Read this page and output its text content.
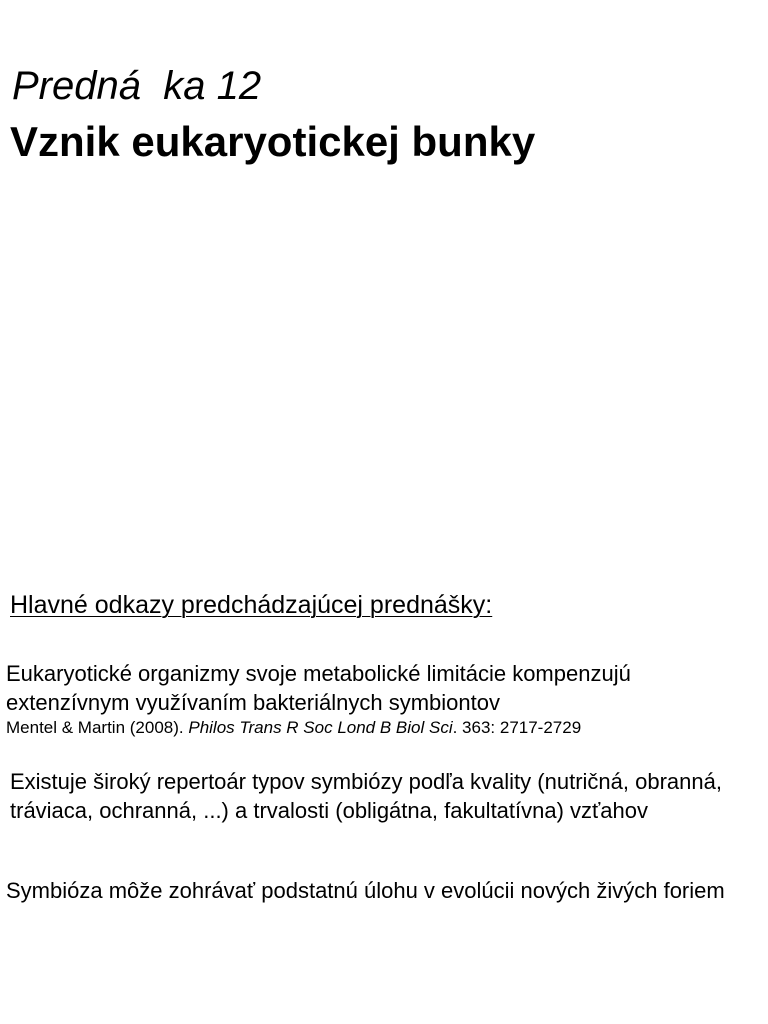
Predná  ka 12
Vznik eukaryotickej bunky
Hlavné odkazy predchádzajúcej prednášky:
Eukaryotické organizmy svoje metabolické limitácie kompenzujú extenzívnym využívaním bakteriálnych symbiontov
Mentel & Martin (2008). Philos Trans R Soc Lond B Biol Sci. 363: 2717-2729
Existuje široký repertoár typov symbiózy podľa kvality (nutričná, obranná, tráviaca, ochranná, ...) a trvalosti (obligátna, fakultatívna) vzťahov
Symbióza môže zohrávať podstatnú úlohu v evolúcii nových živých foriem
